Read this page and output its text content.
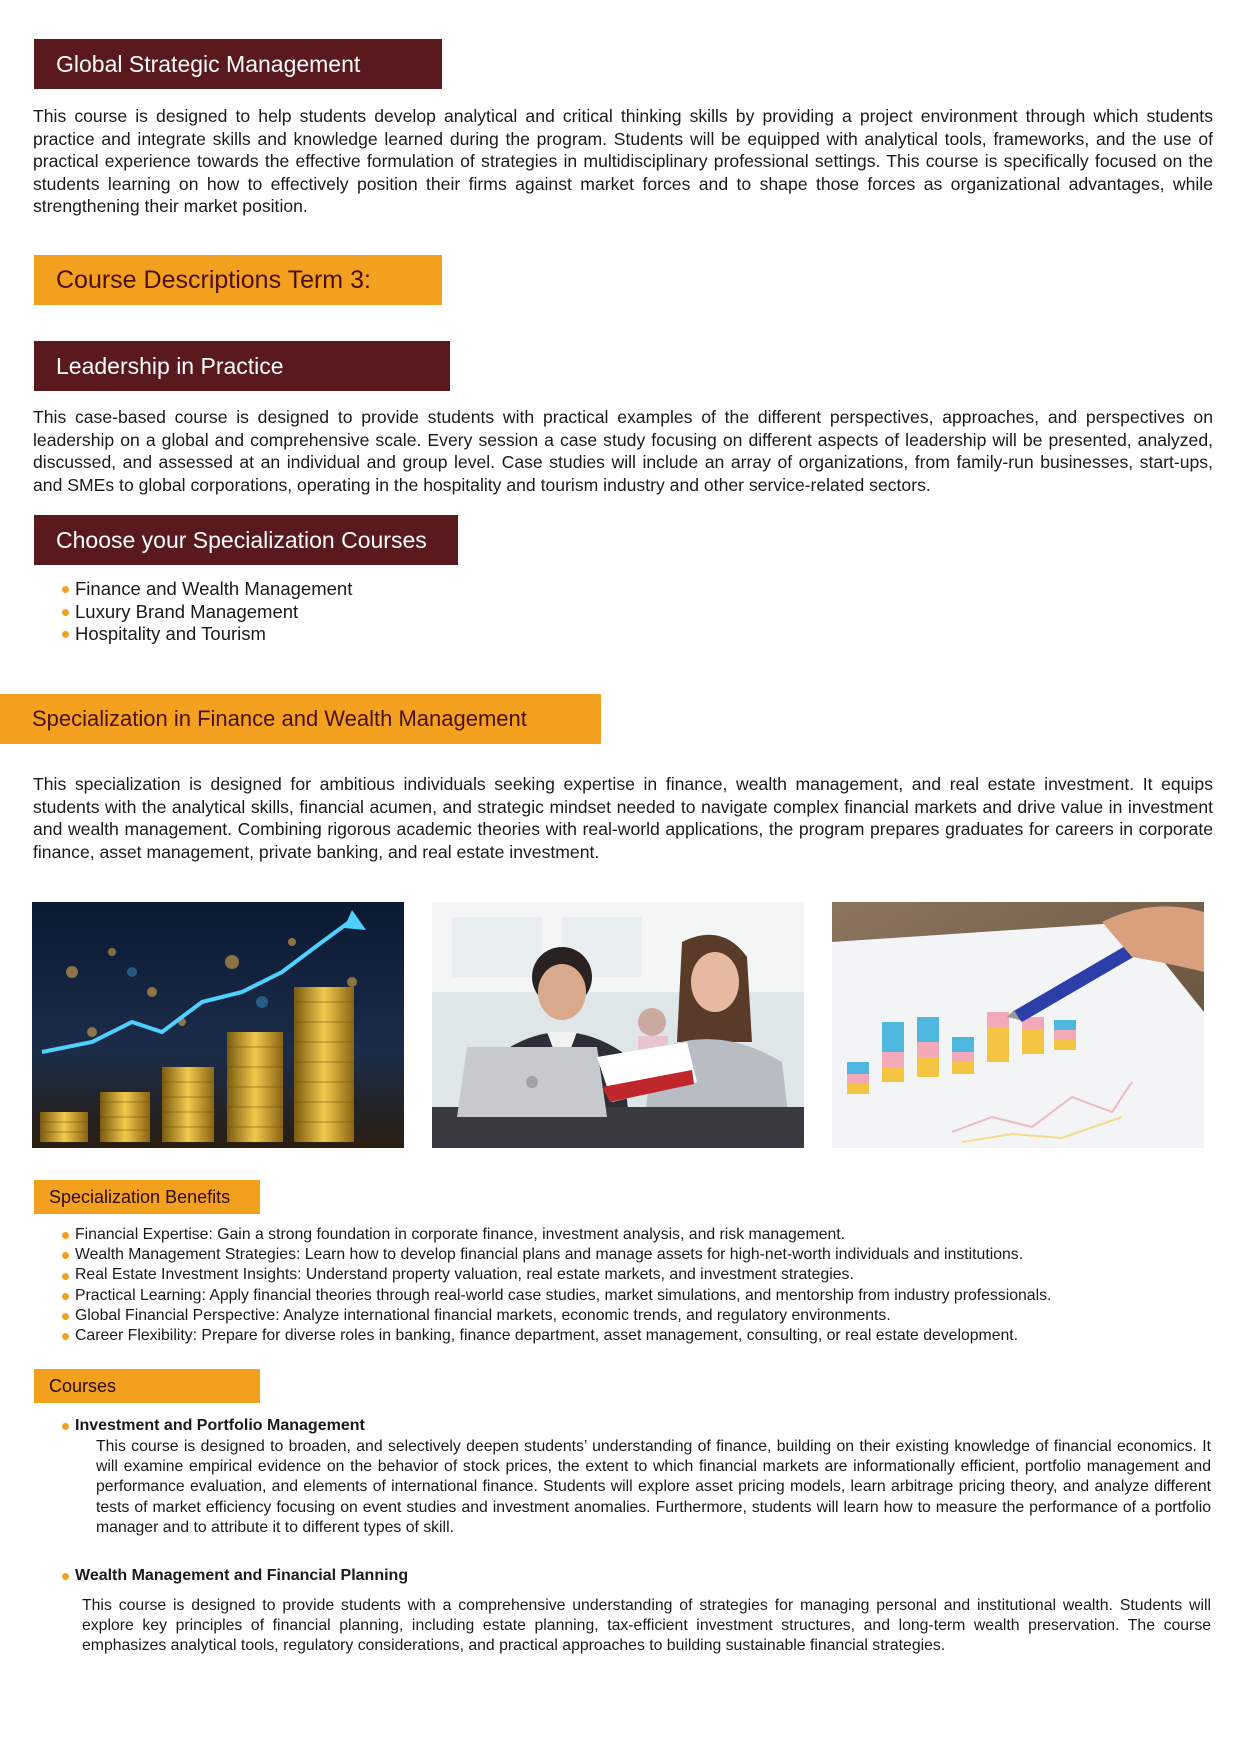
Global Strategic Management

This course is designed to help students develop analytical and critical thinking skills by providing a project environment through which students practice and integrate skills and knowledge learned during the program. Students will be equipped with analytical tools, frameworks, and the use of practical experience towards the effective formulation of strategies in multidisciplinary professional settings. This course is specifically focused on the students learning on how to effectively position their firms against market forces and to shape those forces as organizational advantages, while strengthening their market position.

Course Descriptions Term 3:
Leadership in Practice

This case-based course is designed to provide students with practical examples of the different perspectives, approaches, and perspectives on leadership on a global and comprehensive scale. Every session a case study focusing on different aspects of leadership will be presented, analyzed, discussed, and assessed at an individual and group level. Case studies will include an array of organizations, from family-run businesses, start-ups, and SMEs to global corporations, operating in the hospitality and tourism industry and other service-related sectors.

Choose your Specialization Courses
Finance and Wealth Management
Luxury Brand Management
Hospitality and Tourism
Specialization in Finance and Wealth Management

This specialization is designed for ambitious individuals seeking expertise in finance, wealth management, and real estate investment. It equips students with the analytical skills, financial acumen, and strategic mindset needed to navigate complex financial markets and drive value in investment and wealth management. Combining rigorous academic theories with real-world applications, the program prepares graduates for careers in corporate finance, asset management, private banking, and real estate investment.

Specialization Benefits
Financial Expertise: Gain a strong foundation in corporate finance, investment analysis, and risk management.
Wealth Management Strategies: Learn how to develop financial plans and manage assets for high-net-worth individuals and institutions.
Real Estate Investment Insights: Understand property valuation, real estate markets, and investment strategies.
Practical Learning: Apply financial theories through real-world case studies, market simulations, and mentorship from industry professionals.
Global Financial Perspective: Analyze international financial markets, economic trends, and regulatory environments.
Career Flexibility: Prepare for diverse roles in banking, finance department, asset management, consulting, or real estate development.
Courses
Investment and Portfolio Management

This course is designed to broaden, and selectively deepen students’ understanding of finance, building on their existing knowledge of financial economics. It will examine empirical evidence on the behavior of stock prices, the extent to which financial markets are informationally efficient, portfolio management and performance evaluation, and elements of international finance. Students will explore asset pricing models, learn arbitrage pricing theory, and analyze different tests of market efficiency focusing on event studies and investment anomalies. Furthermore, students will learn how to measure the performance of a portfolio manager and to attribute it to different types of skill.

Wealth Management and Financial Planning

This course is designed to provide students with a comprehensive understanding of strategies for managing personal and institutional wealth. Students will explore key principles of financial planning, including estate planning, tax-efficient investment structures, and long-term wealth preservation. The course emphasizes analytical tools, regulatory considerations, and practical approaches to building sustainable financial strategies.
